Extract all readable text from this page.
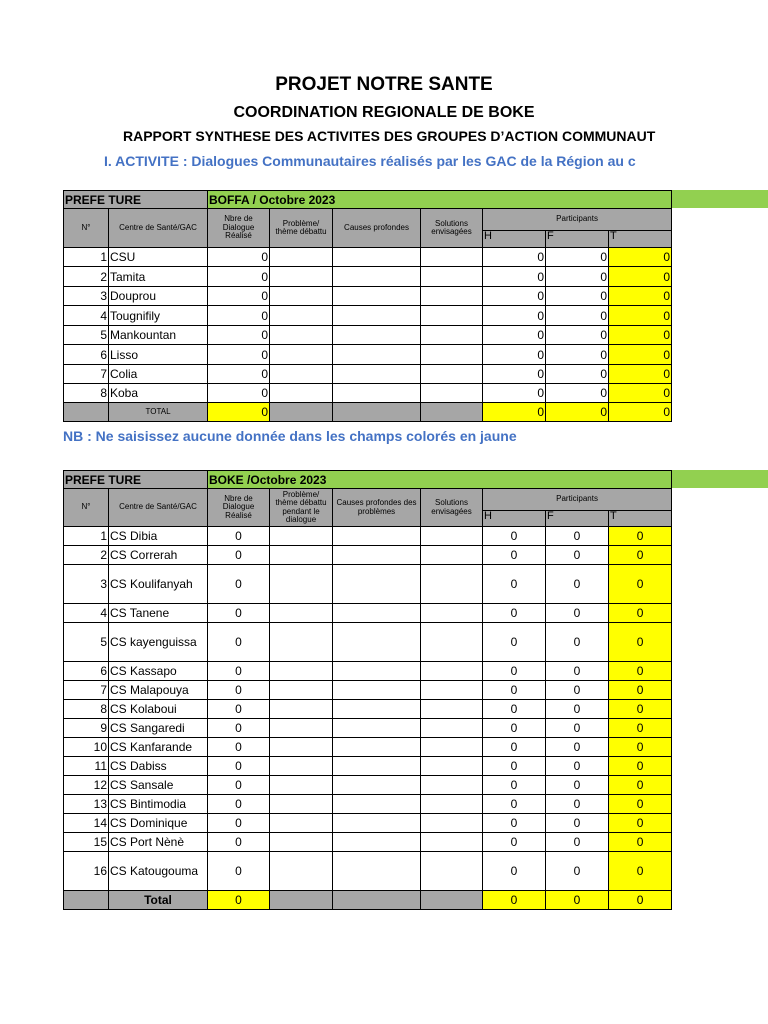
PROJET NOTRE SANTE
COORDINATION REGIONALE DE BOKE
RAPPORT SYNTHESE DES ACTIVITES DES GROUPES D’ACTION COMMUNAUT
I. ACTIVITE : Dialogues Communautaires réalisés par les GAC de la Région au c
PREFE TURE		BOFFA / Octobre 2023						
N°	Centre de Santé/GAC	Nbre de Dialogue Réalisé	Problème/ thème débattu	Causes profondes	Solutions envisagées	Participants		
						H	F	T
1	CSU	0				0	0	0
2	Tamita	0				0	0	0
3	Douprou	0				0	0	0
4	Tougnifily	0				0	0	0
5	Mankountan	0				0	0	0
6	Lisso	0				0	0	0
7	Colia	0				0	0	0
8	Koba	0				0	0	0
	TOTAL	0				0	0	0
NB : Ne saisissez aucune donnée dans les champs colorés en jaune
PREFE TURE		BOKE /Octobre 2023						
N°	Centre de Santé/GAC	Nbre de Dialogue Réalisé	Problème/ thème débattu pendant le dialogue	Causes profondes des problèmes	Solutions envisagées	Participants		
						H	F	T
1	CS Dibia	0				0	0	0
2	CS Correrah	0				0	0	0
3	CS Koulifanyah	0				0	0	0
4	CS Tanene	0				0	0	0
5	CS kayenguissa	0				0	0	0
6	CS Kassapo	0				0	0	0
7	CS Malapouya	0				0	0	0
8	CS Kolaboui	0				0	0	0
9	CS Sangaredi	0				0	0	0
10	CS Kanfarande	0				0	0	0
11	CS Dabiss	0				0	0	0
12	CS Sansale	0				0	0	0
13	CS Bintimodia	0				0	0	0
14	CS Dominique	0				0	0	0
15	CS Port Nènè	0				0	0	0
16	CS Katougouma	0				0	0	0
	Total	0				0	0	0
